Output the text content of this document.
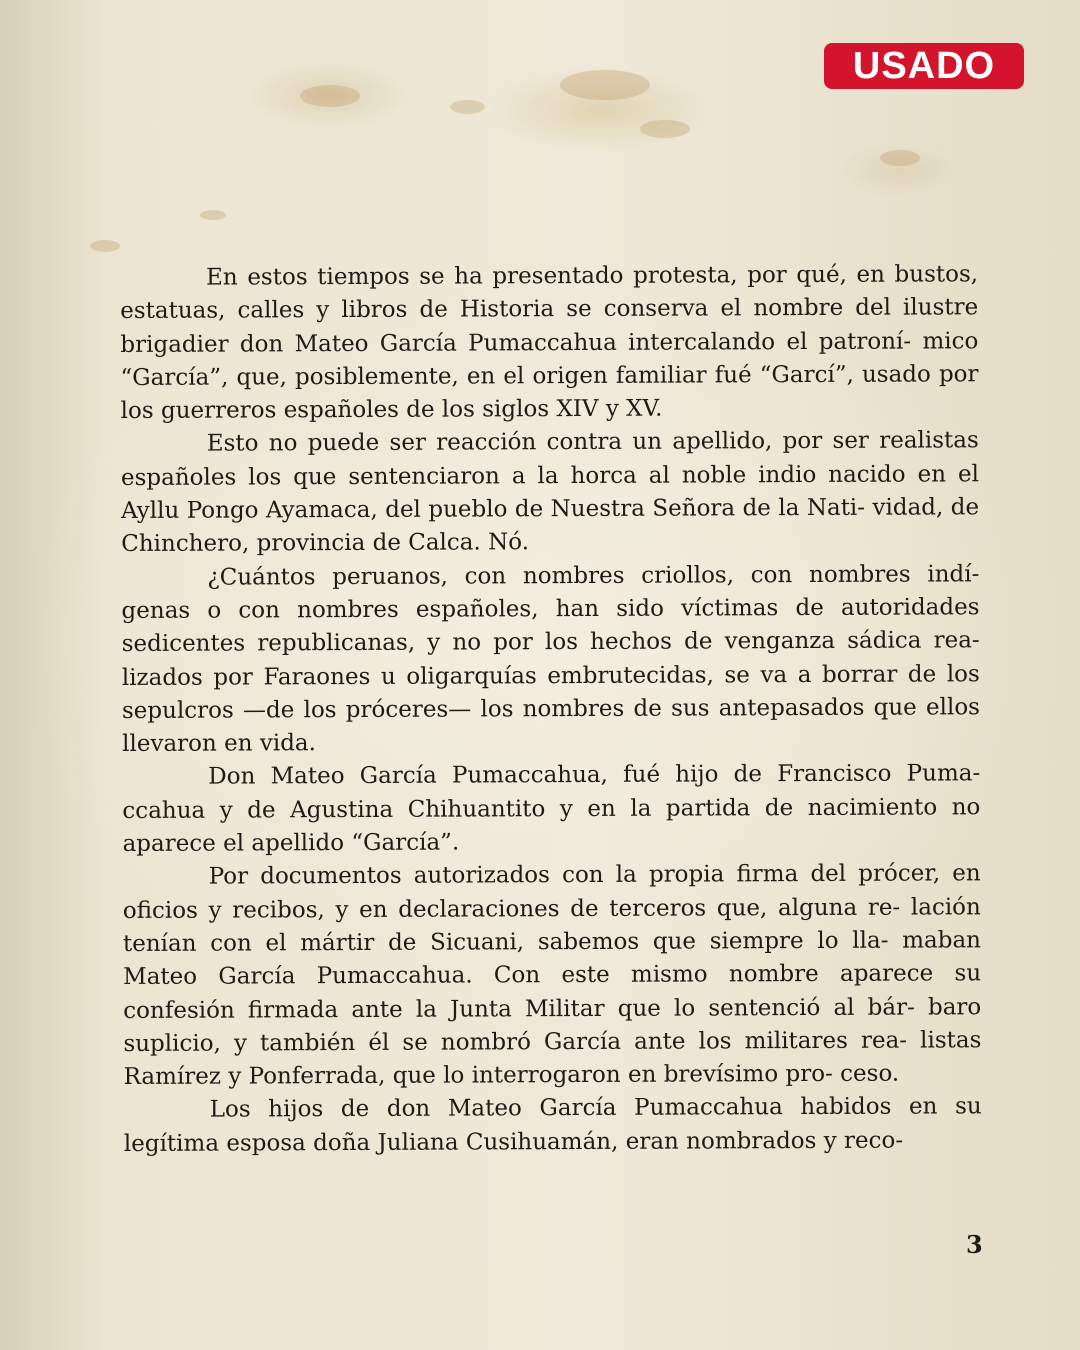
USADO

En estos tiempos se ha presentado protesta, por qué, en bustos, estatuas, calles y libros de Historia se conserva el nombre del ilustre brigadier don Mateo García Pumaccahua intercalando el patroní- mico “García”, que, posiblemente, en el origen familiar fué “Garcí”, usado por los guerreros españoles de los siglos XIV y XV.

Esto no puede ser reacción contra un apellido, por ser realistas españoles los que sentenciaron a la horca al noble indio nacido en el Ayllu Pongo Ayamaca, del pueblo de Nuestra Señora de la Nati- vidad, de Chinchero, provincia de Calca. Nó.

¿Cuántos peruanos, con nombres criollos, con nombres indí- genas o con nombres españoles, han sido víctimas de autoridades sedicentes republicanas, y no por los hechos de venganza sádica rea- lizados por Faraones u oligarquías embrutecidas, se va a borrar de los sepulcros —de los próceres— los nombres de sus antepasados que ellos llevaron en vida.

Don Mateo García Pumaccahua, fué hijo de Francisco Puma- ccahua y de Agustina Chihuantito y en la partida de nacimiento no aparece el apellido “García”.

Por documentos autorizados con la propia firma del prócer, en oficios y recibos, y en declaraciones de terceros que, alguna re- lación tenían con el mártir de Sicuani, sabemos que siempre lo lla- maban Mateo García Pumaccahua. Con este mismo nombre aparece su confesión firmada ante la Junta Militar que lo sentenció al bár- baro suplicio, y también él se nombró García ante los militares rea- listas Ramírez y Ponferrada, que lo interrogaron en brevísimo pro- ceso.

Los hijos de don Mateo García Pumaccahua habidos en su legítima esposa doña Juliana Cusihuamán, eran nombrados y reco-

3
